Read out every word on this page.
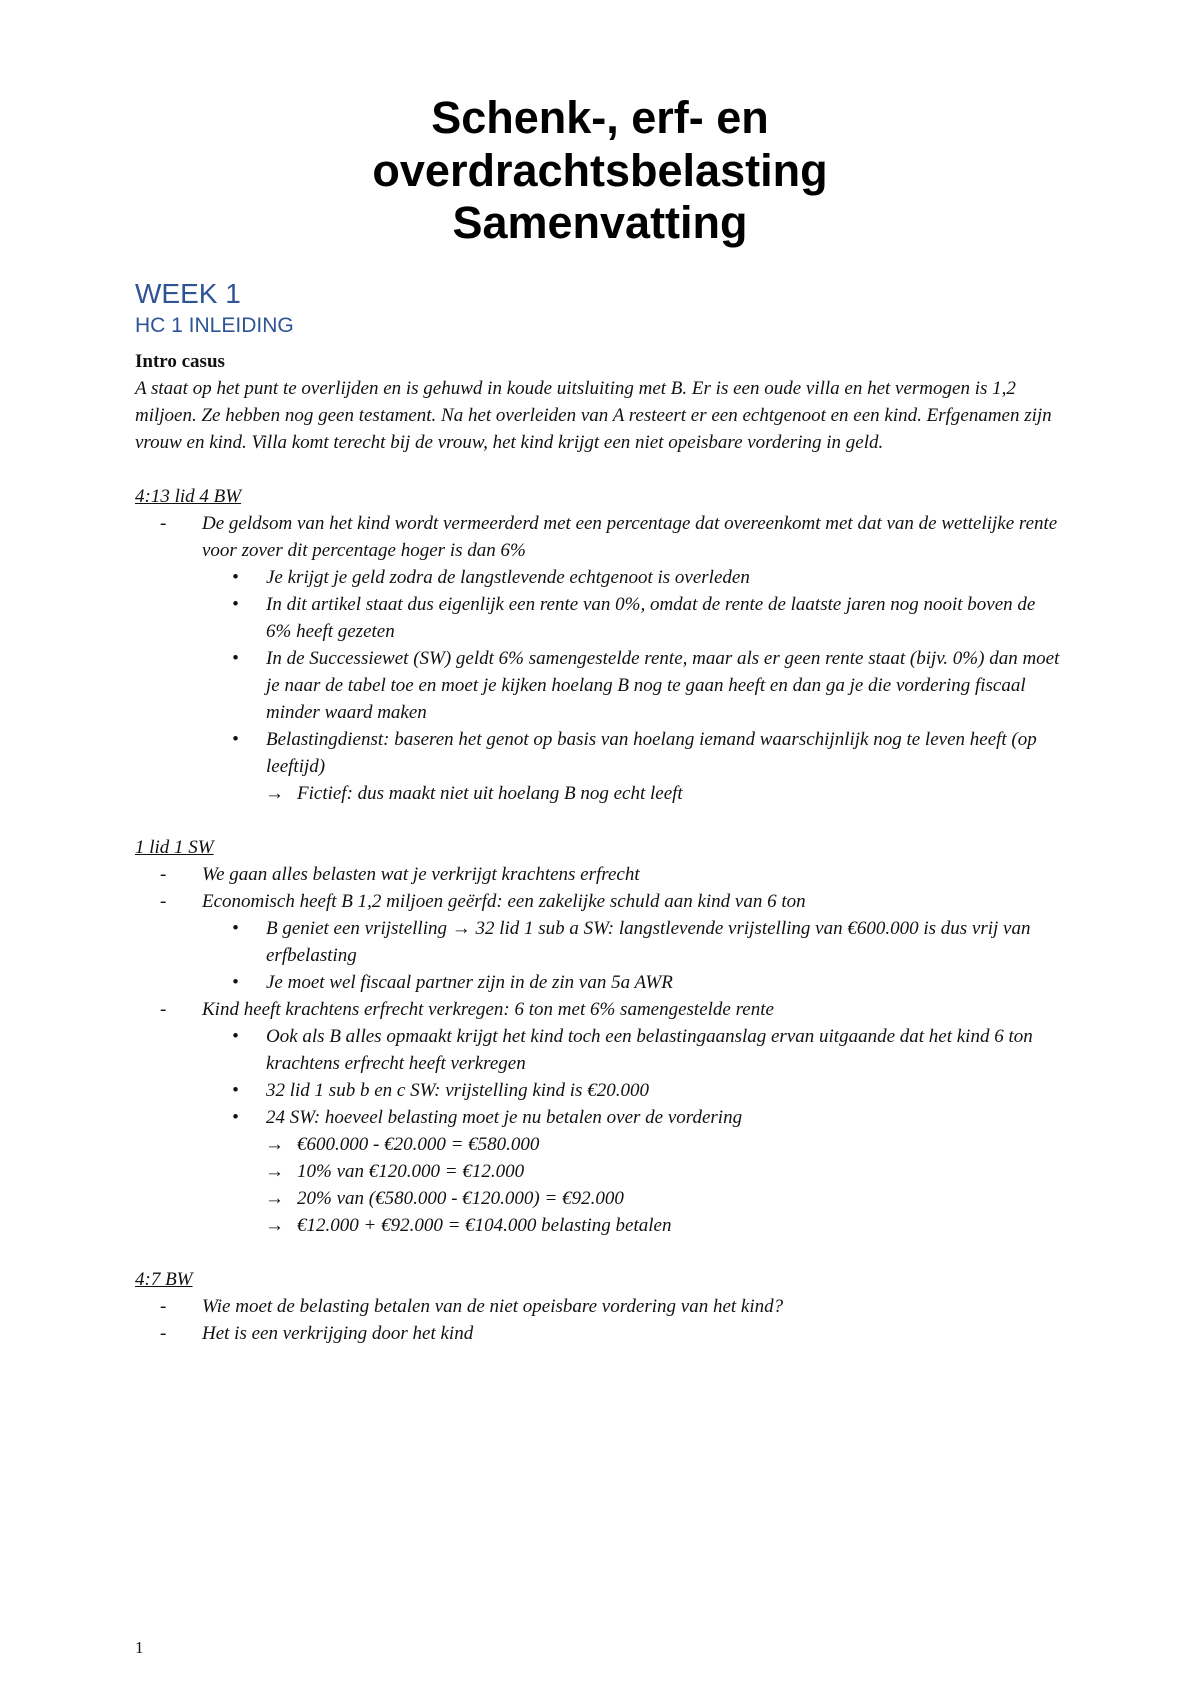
Schenk-, erf- en overdrachtsbelasting Samenvatting
WEEK 1
HC 1 INLEIDING

Intro casus

A staat op het punt te overlijden en is gehuwd in koude uitsluiting met B. Er is een oude villa en het vermogen is 1,2 miljoen. Ze hebben nog geen testament. Na het overleiden van A resteert er een echtgenoot en een kind. Erfgenamen zijn vrouw en kind. Villa komt terecht bij de vrouw, het kind krijgt een niet opeisbare vordering in geld.

4:13 lid 4 BW

-	De geldsom van het kind wordt vermeerderd met een percentage dat overeenkomt met dat van de wettelijke rente voor zover dit percentage hoger is dan 6%
•	Je krijgt je geld zodra de langstlevende echtgenoot is overleden
•	In dit artikel staat dus eigenlijk een rente van 0%, omdat de rente de laatste jaren nog nooit boven de 6% heeft gezeten
•	In de Successiewet (SW) geldt 6% samengestelde rente, maar als er geen rente staat (bijv. 0%) dan moet je naar de tabel toe en moet je kijken hoelang B nog te gaan heeft en dan ga je die vordering fiscaal minder waard maken
•	Belastingdienst: baseren het genot op basis van hoelang iemand waarschijnlijk nog te leven heeft (op leeftijd)
→ Fictief: dus maakt niet uit hoelang B nog echt leeft

1 lid 1 SW

-	We gaan alles belasten wat je verkrijgt krachtens erfrecht
-	Economisch heeft B 1,2 miljoen geërfd: een zakelijke schuld aan kind van 6 ton
•	B geniet een vrijstelling → 32 lid 1 sub a SW: langstlevende vrijstelling van €600.000 is dus vrij van erfbelasting
•	Je moet wel fiscaal partner zijn in de zin van 5a AWR
-	Kind heeft krachtens erfrecht verkregen: 6 ton met 6% samengestelde rente
•	Ook als B alles opmaakt krijgt het kind toch een belastingaanslag ervan uitgaande dat het kind 6 ton krachtens erfrecht heeft verkregen
•	32 lid 1 sub b en c SW: vrijstelling kind is €20.000
•	24 SW: hoeveel belasting moet je nu betalen over de vordering
→ €600.000 - €20.000 = €580.000
→ 10% van €120.000 = €12.000
→ 20% van (€580.000 - €120.000) = €92.000
→ €12.000 + €92.000 = €104.000 belasting betalen

4:7 BW

-	Wie moet de belasting betalen van de niet opeisbare vordering van het kind?
-	Het is een verkrijging door het kind
1
